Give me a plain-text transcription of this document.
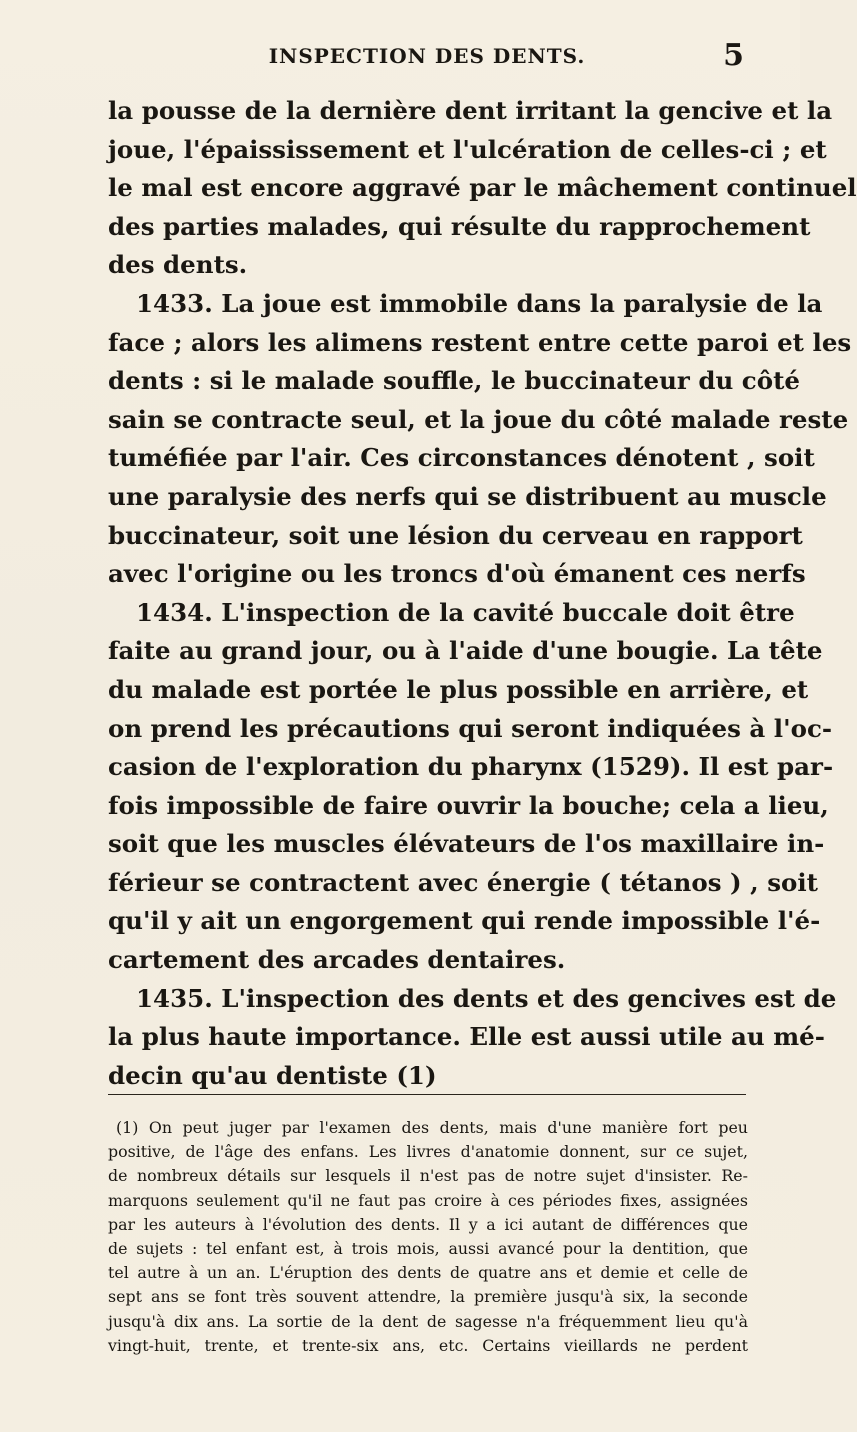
INSPECTION DES DENTS.	5
la pousse de la dernière dent irritant la gencive et la
joue, l'épaississement et l'ulcération de celles-ci ; et
le mal est encore aggravé par le mâchement continuel
des parties malades, qui résulte du rapprochement
des dents.
1433. La joue est immobile dans la paralysie de la
face ; alors les alimens restent entre cette paroi et les
dents : si le malade souffle, le buccinateur du côté
sain se contracte seul, et la joue du côté malade reste
tuméfiée par l'air. Ces circonstances dénotent , soit
une paralysie des nerfs qui se distribuent au muscle
buccinateur, soit une lésion du cerveau en rapport
avec l'origine ou les troncs d'où émanent ces nerfs
1434. L'inspection de la cavité buccale doit être
faite au grand jour, ou à l'aide d'une bougie. La tête
du malade est portée le plus possible en arrière, et
on prend les précautions qui seront indiquées à l'oc-
casion de l'exploration du pharynx (1529). Il est par-
fois impossible de faire ouvrir la bouche; cela a lieu,
soit que les muscles élévateurs de l'os maxillaire in-
férieur se contractent avec énergie ( tétanos ) , soit
qu'il y ait un engorgement qui rende impossible l'é-
cartement des arcades dentaires.
1435. L'inspection des dents et des gencives est de
la plus haute importance. Elle est aussi utile au mé-
decin qu'au dentiste (1)
(1) On peut juger par l'examen des dents, mais d'une manière fort peu
positive, de l'âge des enfans. Les livres d'anatomie donnent, sur ce sujet,
de nombreux détails sur lesquels il n'est pas de notre sujet d'insister. Re-
marquons seulement qu'il ne faut pas croire à ces périodes fixes, assignées
par les auteurs à l'évolution des dents. Il y a ici autant de différences que
de sujets : tel enfant est, à trois mois, aussi avancé pour la dentition, que
tel autre à un an. L'éruption des dents de quatre ans et demie et celle de
sept ans se font très souvent attendre, la première jusqu'à six, la seconde
jusqu'à dix ans. La sortie de la dent de sagesse n'a fréquemment lieu qu'à
vingt-huit, trente, et trente-six ans, etc. Certains vieillards ne perdent
